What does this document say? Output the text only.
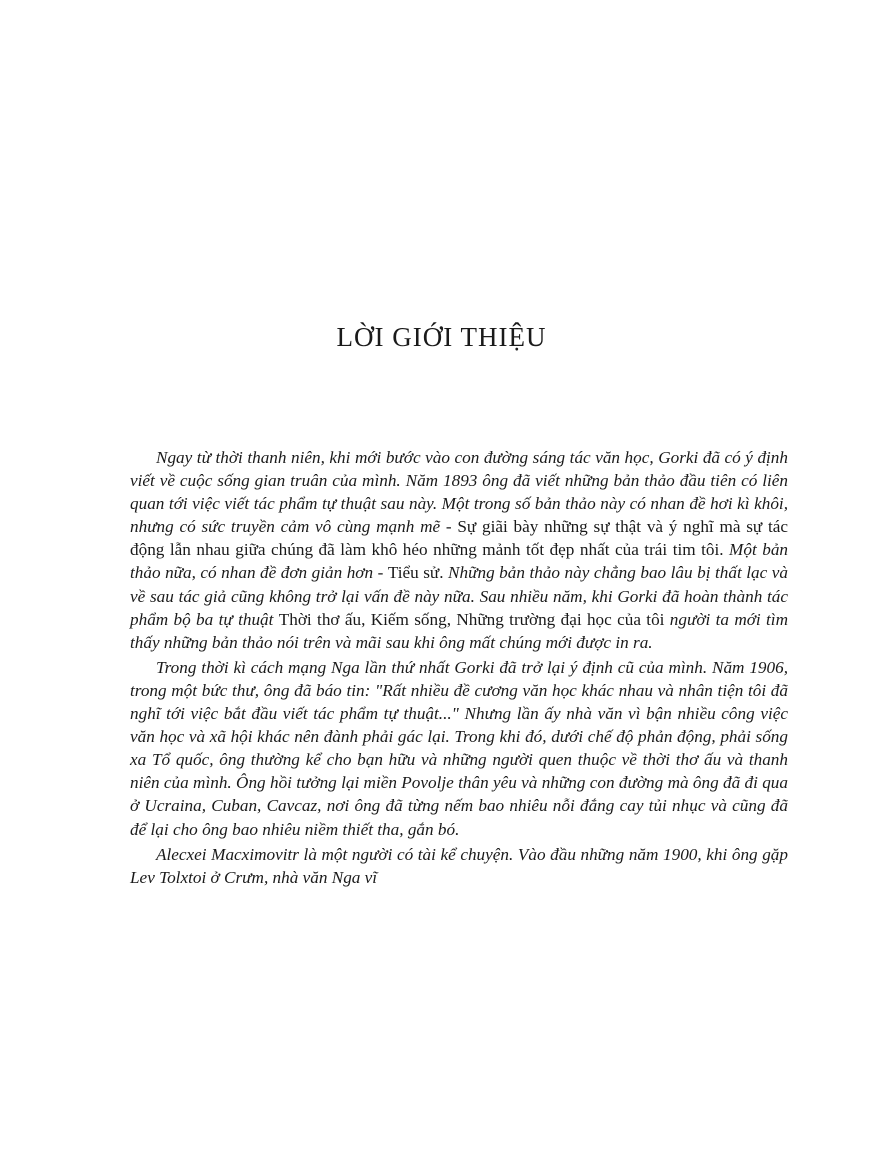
LỜI GIỚI THIỆU

Ngay từ thời thanh niên, khi mới bước vào con đường sáng tác văn học, Gorki đã có ý định viết về cuộc sống gian truân của mình. Năm 1893 ông đã viết những bản thảo đầu tiên có liên quan tới việc viết tác phẩm tự thuật sau này. Một trong số bản thảo này có nhan đề hơi kì khôi, nhưng có sức truyền cảm vô cùng mạnh mẽ - Sự giãi bày những sự thật và ý nghĩ mà sự tác động lẫn nhau giữa chúng đã làm khô héo những mảnh tốt đẹp nhất của trái tim tôi. Một bản thảo nữa, có nhan đề đơn giản hơn - Tiểu sử. Những bản thảo này chẳng bao lâu bị thất lạc và về sau tác giả cũng không trở lại vấn đề này nữa. Sau nhiều năm, khi Gorki đã hoàn thành tác phẩm bộ ba tự thuật Thời thơ ấu, Kiếm sống, Những trường đại học của tôi người ta mới tìm thấy những bản thảo nói trên và mãi sau khi ông mất chúng mới được in ra.

Trong thời kì cách mạng Nga lần thứ nhất Gorki đã trở lại ý định cũ của mình. Năm 1906, trong một bức thư, ông đã báo tin: "Rất nhiều đề cương văn học khác nhau và nhân tiện tôi đã nghĩ tới việc bắt đầu viết tác phẩm tự thuật..." Nhưng lần ấy nhà văn vì bận nhiều công việc văn học và xã hội khác nên đành phải gác lại. Trong khi đó, dưới chế độ phản động, phải sống xa Tổ quốc, ông thường kể cho bạn hữu và những người quen thuộc về thời thơ ấu và thanh niên của mình. Ông hồi tưởng lại miền Povolje thân yêu và những con đường mà ông đã đi qua ở Ucraina, Cuban, Cavcaz, nơi ông đã từng nếm bao nhiêu nỗi đắng cay tủi nhục và cũng đã để lại cho ông bao nhiêu niềm thiết tha, gắn bó.

Alecxei Macximovitr là một người có tài kể chuyện. Vào đầu những năm 1900, khi ông gặp Lev Tolxtoi ở Crưm, nhà văn Nga vĩ
